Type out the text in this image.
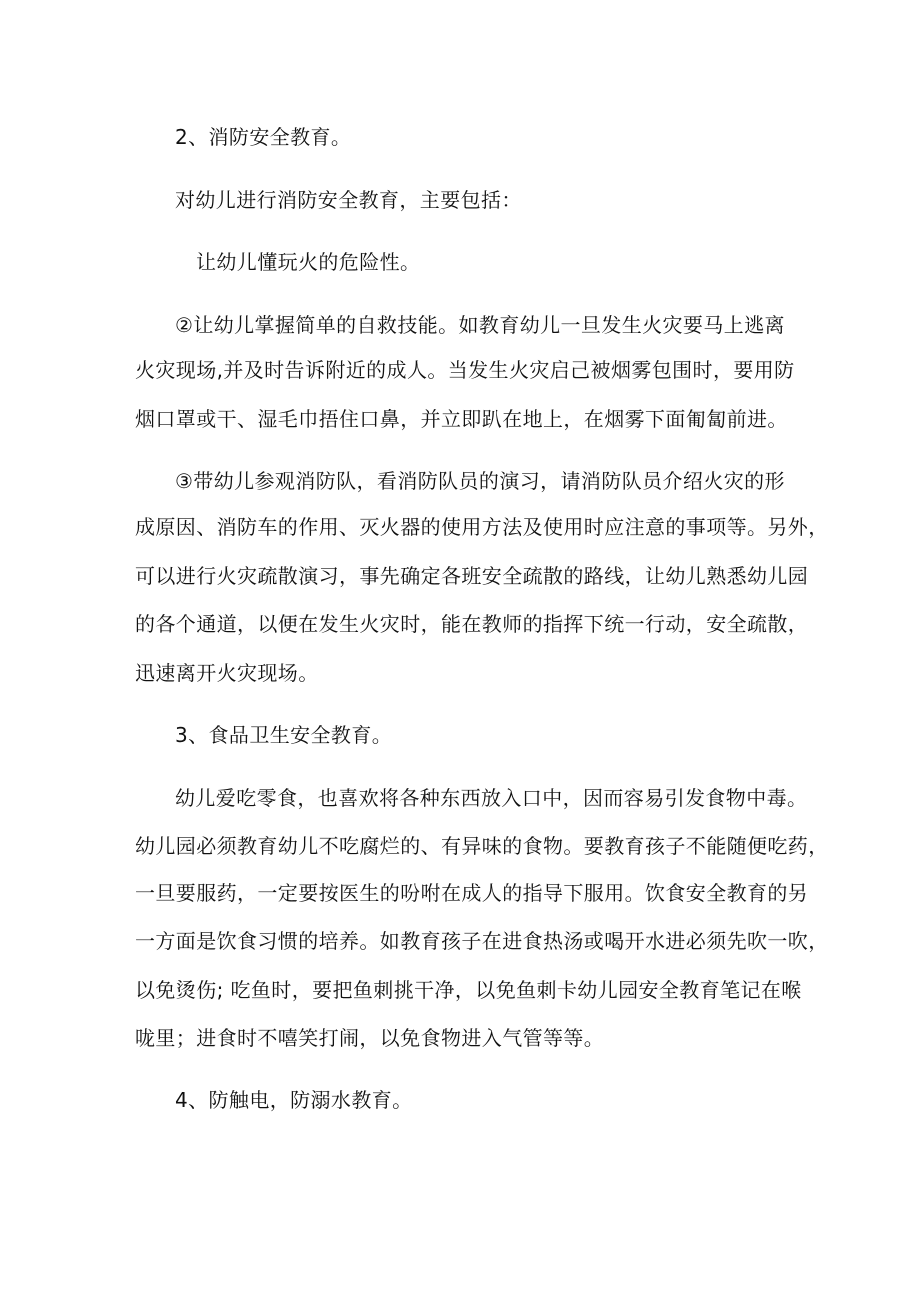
2、消防安全教育。
对幼儿进行消防安全教育，主要包括：
让幼儿懂玩火的危险性。
②让幼儿掌握简单的自救技能。如教育幼儿一旦发生火灾要马上逃离
火灾现场,并及时告诉附近的成人。当发生火灾启己被烟雾包围时，要用防
烟口罩或干、湿毛巾捂住口鼻，并立即趴在地上，在烟雾下面匍匐前进。
③带幼儿参观消防队，看消防队员的演习，请消防队员介绍火灾的形
成原因、消防车的作用、灭火器的使用方法及使用时应注意的事项等。另外，
可以进行火灾疏散演习，事先确定各班安全疏散的路线，让幼儿熟悉幼儿园
的各个通道，以便在发生火灾时，能在教师的指挥下统一行动，安全疏散，
迅速离开火灾现场。
3、食品卫生安全教育。
幼儿爱吃零食，也喜欢将各种东西放入口中，因而容易引发食物中毒。
幼儿园必须教育幼儿不吃腐烂的、有异味的食物。要教育孩子不能随便吃药，
一旦要服药，一定要按医生的吩咐在成人的指导下服用。饮食安全教育的另
一方面是饮食习惯的培养。如教育孩子在进食热汤或喝开水进必须先吹一吹，
以免烫伤; 吃鱼时，要把鱼刺挑干净，以免鱼刺卡幼儿园安全教育笔记在喉
咙里；进食时不嘻笑打闹，以免食物进入气管等等。
4、防触电，防溺水教育。
